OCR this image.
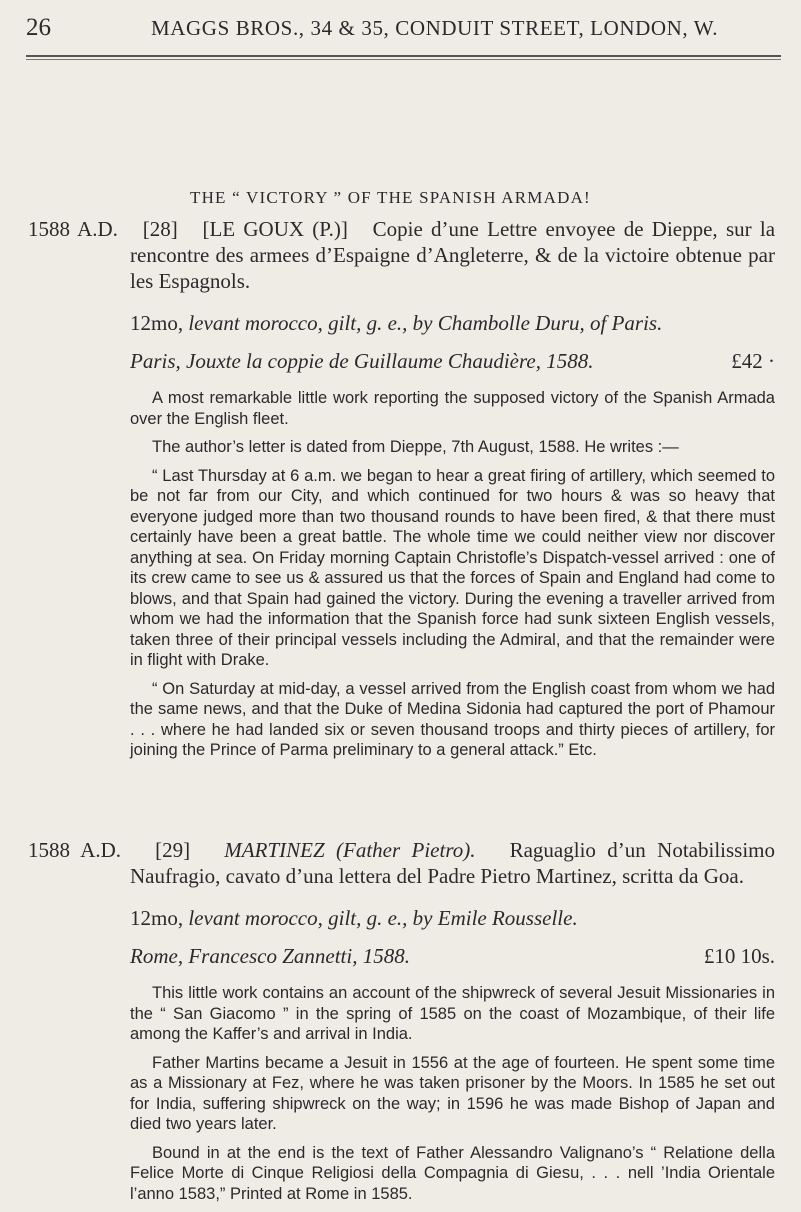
26	MAGGS BROS., 34 & 35, CONDUIT STREET, LONDON, W.
THE “ VICTORY ” OF THE SPANISH ARMADA!

1588 A.D. [28] [LE GOUX (P.)] Copie d’une Lettre envoyee de Dieppe, sur la rencontre des armees d’Espaigne d’Angleterre, & de la victoire obtenue par les Espagnols.

12mo, levant morocco, gilt, g. e., by Chambolle Duru, of Paris.
Paris, Jouxte la coppie de Guillaume Chaudière, 1588.	£42 ·

A most remarkable little work reporting the supposed victory of the Spanish Armada over the English fleet.

The author’s letter is dated from Dieppe, 7th August, 1588. He writes :—

“ Last Thursday at 6 a.m. we began to hear a great firing of artillery, which seemed to be not far from our City, and which continued for two hours & was so heavy that everyone judged more than two thousand rounds to have been fired, & that there must certainly have been a great battle. The whole time we could neither view nor discover anything at sea. On Friday morning Captain Christofle’s Dispatch-vessel arrived : one of its crew came to see us & assured us that the forces of Spain and England had come to blows, and that Spain had gained the victory. During the evening a traveller arrived from whom we had the information that the Spanish force had sunk sixteen English vessels, taken three of their principal vessels including the Admiral, and that the remainder were in flight with Drake.

“ On Saturday at mid-day, a vessel arrived from the English coast from whom we had the same news, and that the Duke of Medina Sidonia had captured the port of Phamour . . . where he had landed six or seven thousand troops and thirty pieces of artillery, for joining the Prince of Parma preliminary to a general attack.” Etc.

1588 A.D. [29] MARTINEZ (Father Pietro). Raguaglio d’un Notabilissimo Naufragio, cavato d’una lettera del Padre Pietro Martinez, scritta da Goa.

12mo, levant morocco, gilt, g. e., by Emile Rousselle.
Rome, Francesco Zannetti, 1588.	£10 10s.

This little work contains an account of the shipwreck of several Jesuit Missionaries in the “ San Giacomo ” in the spring of 1585 on the coast of Mozambique, of their life among the Kaffer’s and arrival in India.

Father Martins became a Jesuit in 1556 at the age of fourteen. He spent some time as a Missionary at Fez, where he was taken prisoner by the Moors. In 1585 he set out for India, suffering shipwreck on the way; in 1596 he was made Bishop of Japan and died two years later.

Bound in at the end is the text of Father Alessandro Valignano’s “ Relatione della Felice Morte di Cinque Religiosi della Compagnia di Giesu, . . . nell ’India Orientale l’anno 1583,” Printed at Rome in 1585.
